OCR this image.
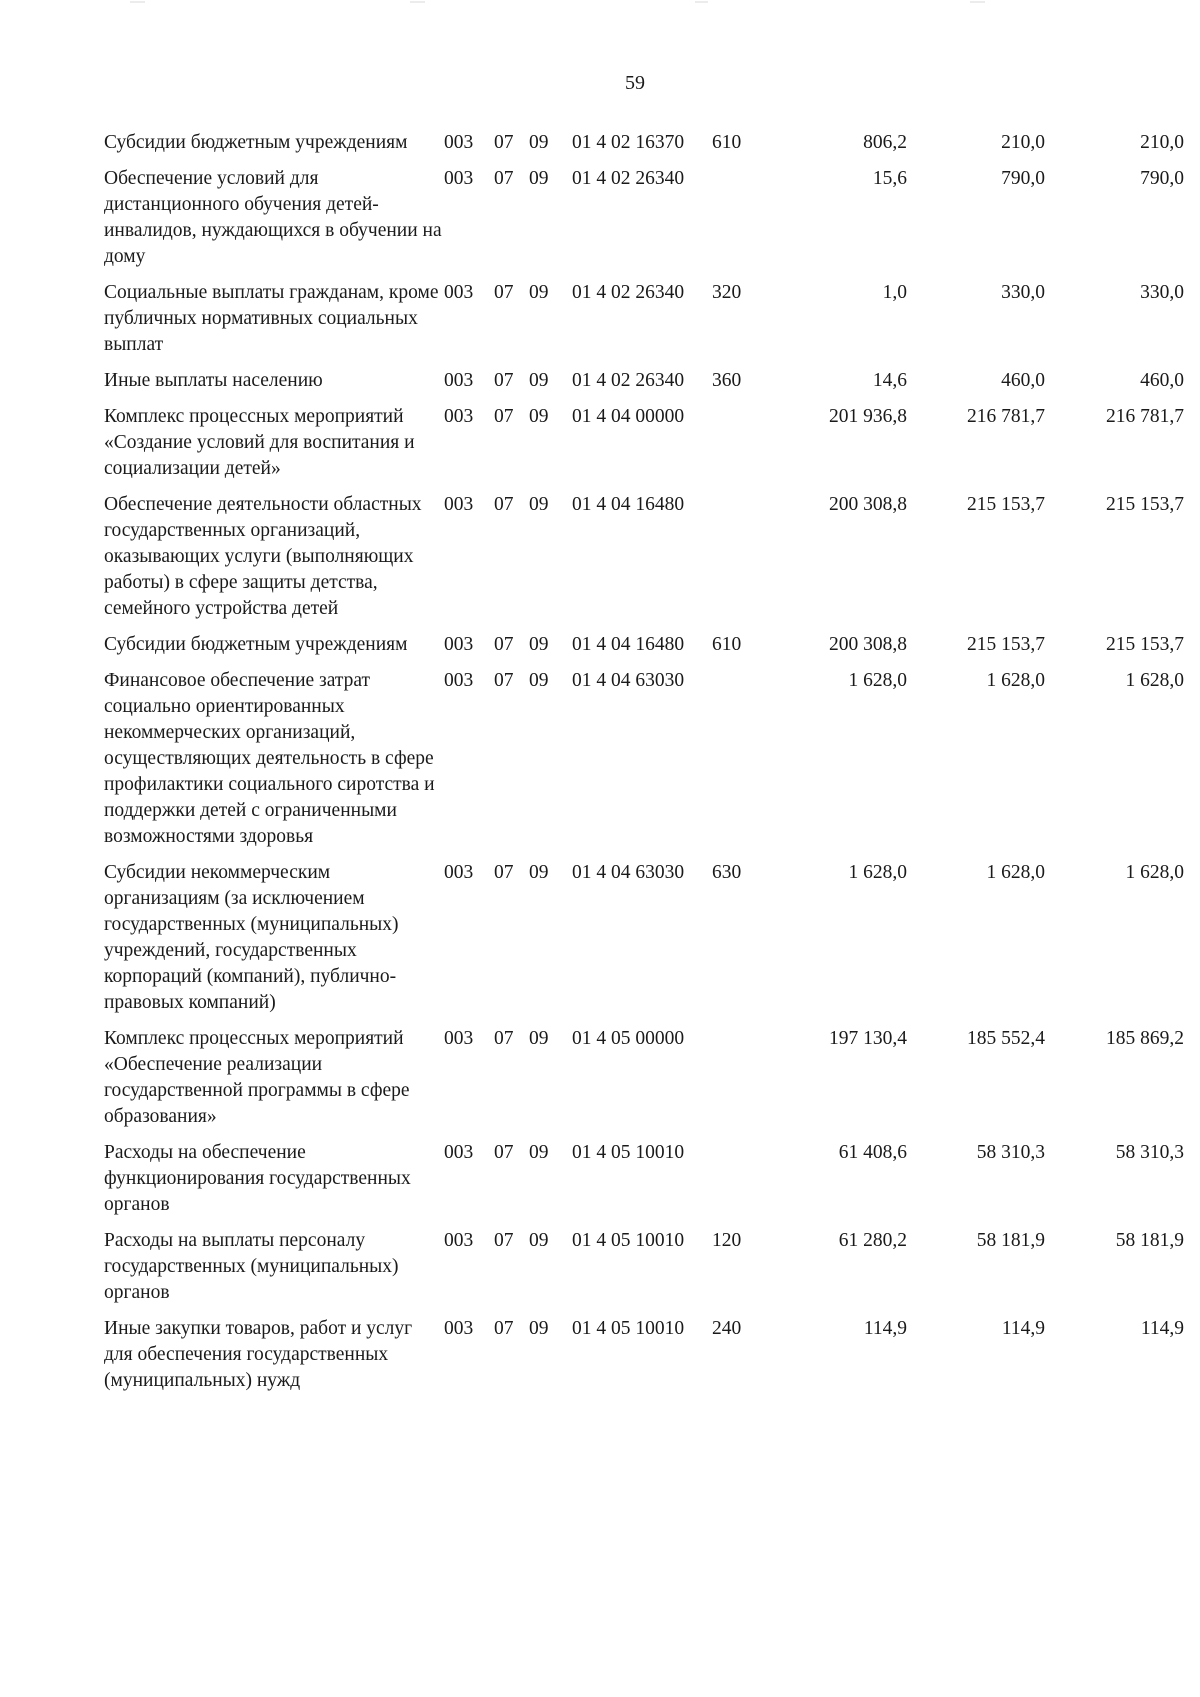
59
Субсидии бюджетным учреждениям	003	07	09	01 4 02 16370	610	806,2	210,0	210,0
Обеспечение условий для дистанционного обучения детей-инвалидов, нуждающихся в обучении на дому	003	07	09	01 4 02 26340		15,6	790,0	790,0
Социальные выплаты гражданам, кроме публичных нормативных социальных выплат	003	07	09	01 4 02 26340	320	1,0	330,0	330,0
Иные выплаты населению	003	07	09	01 4 02 26340	360	14,6	460,0	460,0
Комплекс процессных мероприятий «Создание условий для воспитания и социализации детей»	003	07	09	01 4 04 00000		201 936,8	216 781,7	216 781,7
Обеспечение деятельности областных государственных организаций, оказывающих услуги (выполняющих работы) в сфере защиты детства, семейного устройства детей	003	07	09	01 4 04 16480		200 308,8	215 153,7	215 153,7
Субсидии бюджетным учреждениям	003	07	09	01 4 04 16480	610	200 308,8	215 153,7	215 153,7
Финансовое обеспечение затрат социально ориентированных некоммерческих организаций, осуществляющих деятельность в сфере профилактики социального сиротства и поддержки детей с ограниченными возможностями здоровья	003	07	09	01 4 04 63030		1 628,0	1 628,0	1 628,0
Субсидии некоммерческим организациям (за исключением государственных (муниципальных) учреждений, государственных корпораций (компаний), публично-правовых компаний)	003	07	09	01 4 04 63030	630	1 628,0	1 628,0	1 628,0
Комплекс процессных мероприятий «Обеспечение реализации государственной программы в сфере образования»	003	07	09	01 4 05 00000		197 130,4	185 552,4	185 869,2
Расходы на обеспечение функционирования государственных органов	003	07	09	01 4 05 10010		61 408,6	58 310,3	58 310,3
Расходы на выплаты персоналу государственных (муниципальных) органов	003	07	09	01 4 05 10010	120	61 280,2	58 181,9	58 181,9
Иные закупки товаров, работ и услуг для обеспечения государственных (муниципальных) нужд	003	07	09	01 4 05 10010	240	114,9	114,9	114,9
